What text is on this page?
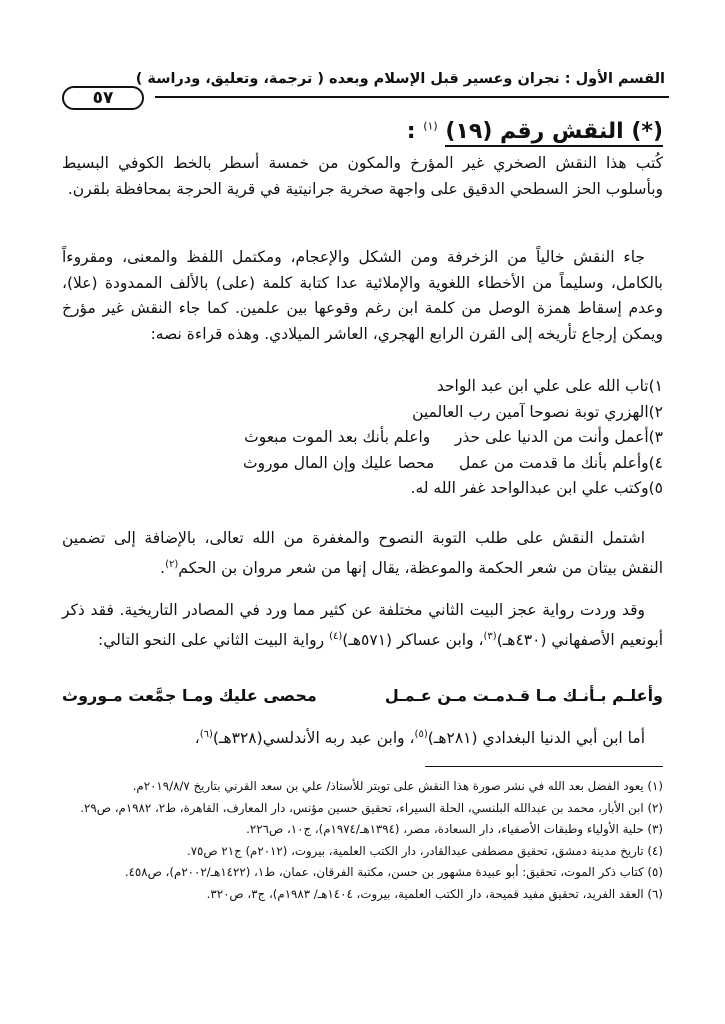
القسم الأول : نجران وعسير قبل الإسلام وبعده ( ترجمة، وتعليق، ودراسة )
٥٧
(*) النقش رقم (١٩) $^{(١)}$ :

كُتب هذا النقش الصخري غير المؤرخ والمكون من خمسة أسطر بالخط الكوفي البسيط وبأسلوب الحز السطحي الدقيق على واجهة صخرية جرانيتية في قرية الحرجة بمحافظة بلقرن.

جاء النقش خالياً من الزخرفة ومن الشكل والإعجام، ومكتمل اللفظ والمعنى، ومقروءاً بالكامل، وسليماً من الأخطاء اللغوية والإملائية عدا كتابة كلمة (على) بالألف الممدودة (علا)، وعدم إسقاط همزة الوصل من كلمة ابن رغم وقوعها بين علمين. كما جاء النقش غير مؤرخ ويمكن إرجاع تأريخه إلى القرن الرابع الهجري، العاشر الميلادي. وهذه قراءة نصه:

١)تاب الله على علي ابن عبد الواحد
٢)الهزري توبة نصوحا آمين رب العالمين
٣)أعمل وأنت من الدنيا على حذر     واعلم بأنك بعد الموت مبعوث
٤)وأعلم بأنك ما قدمت من عمل     محصا عليك وإن المال موروث
٥)وكتب علي ابن عبدالواحد غفر الله له.

اشتمل النقش على طلب التوبة النصوح والمغفرة من الله تعالى، بالإضافة إلى تضمين النقش بيتان من شعر الحكمة والموعظة، يقال إنها من شعر مروان بن الحكم$^{(٢)}$.

وقد وردت رواية عجز البيت الثاني مختلفة عن كثير مما ورد في المصادر التاريخية. فقد ذكر أبونعيم الأصفهاني (٤٣٠هـ)$^{(٣)}$، وابن عساكر (٥٧١هـ)$^{(٤)}$ رواية البيت الثاني على النحو التالي:

وأعلـم بـأنـك مـا قـدمـت مـن عـمـل
محصى عليك ومـا جمَّعت مـوروث

أما ابن أبي الدنيا البغدادي (٢٨١هـ)$^{(٥)}$، وابن عبد ربه الأندلسي(٣٢٨هـ)$^{(٦)}$،

(١) يعود الفضل بعد الله في نشر صورة هذا النقش على تويتر للأستاذ/ علي بن سعد القرني بتاريخ ٢٠١٩/٨/٧م.

(٢) ابن الأبار، محمد بن عبدالله البلنسي، الحلة السيراء، تحقيق حسين مؤنس، دار المعارف، القاهرة، ط٢، ١٩٨٢م، ص٢٩.

(٣) حلية الأولياء وطبقات الأصفياء، دار السعادة، مصر، (١٣٩٤هـ/١٩٧٤م)، ج١٠، ص٢٢٦.

(٤) تاريخ مدينة دمشق، تحقيق مصطفى عبدالقادر، دار الكتب العلمية، بيروت، (٢٠١٢م) ج٢١ ص٧٥.

(٥) كتاب ذكر الموت، تحقيق: أبو عبيدة مشهور بن حسن، مكتبة الفرقان، عمان، ط١، (١٤٢٢هـ/٢٠٠٢م)، ص٤٥٨.

(٦) العقد الفريد، تحقيق مفيد قميحة، دار الكتب العلمية، بيروت، ١٤٠٤هـ/ ١٩٨٣م)، ج٣، ص٣٢٠.
